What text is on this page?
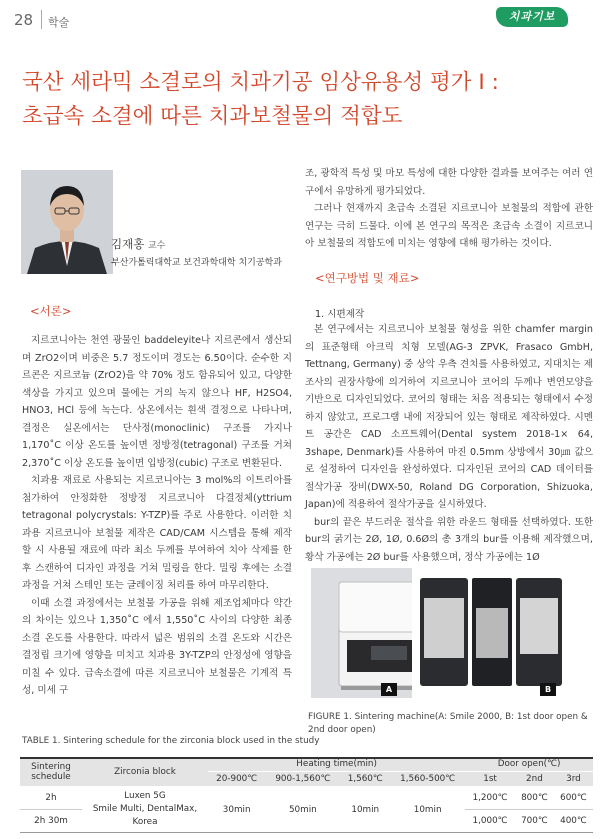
28 학술	치과기보
국산 세라믹 소결로의 치과기공 임상유용성 평가 Ⅰ :
초급속 소결에 따른 치과보철물의 적합도
김재홍 교수
부산가톨릭대학교 보건과학대학 치기공학과
<서론>

지르코니아는 천연 광물인 baddeleyite나 지르콘에서 생산되며 ZrO2이며 비중은 5.7 정도이며 경도는 6.50이다. 순수한 지르콘은 지르코늄 (ZrO2)을 약 70% 정도 함유되어 있고, 다양한 색상을 가지고 있으며 물에는 거의 녹지 않으나 HF, H2SO4, HNO3, HCl 등에 녹는다. 상온에서는 흰색 결정으로 나타나며, 결정은 실온에서는 단사정(monoclinic) 구조를 가지나 1,170˚C 이상 온도를 높이면 정방정(tetragonal) 구조를 거쳐 2,370˚C 이상 온도를 높이면 입방정(cubic) 구조로 변환된다.

치과용 재료로 사용되는 지르코니아는 3 mol%의 이트리아를 첨가하여 안정화한 정방정 지르코니아 다결정체(yttrium tetragonal polycrystals: Y-TZP)를 주로 사용한다. 이러한 치과용 지르코니아 보철물 제작은 CAD/CAM 시스템을 통해 제작할 시 사용될 재료에 따라 최소 두께를 부여하여 치아 삭제를 한 후 스캔하여 디자인 과정을 거쳐 밀링을 한다. 밀링 후에는 소결 과정을 거쳐 스테인 또는 글레이징 처리를 하여 마무리한다.

이때 소결 과정에서는 보철물 가공을 위해 제조업체마다 약간의 차이는 있으나 1,350˚C 에서 1,550˚C 사이의 다양한 최종 소결 온도를 사용한다. 따라서 넓은 범위의 소결 온도와 시간은 결정립 크기에 영향을 미치고 치과용 3Y-TZP의 안정성에 영향을 미칠 수 있다. 급속소결에 따른 지르코니아 보철물은 기계적 특성, 미세 구

조, 광학적 특성 및 마모 특성에 대한 다양한 결과를 보여주는 여러 연구에서 유망하게 평가되었다.

그러나 현재까지 초급속 소결된 지르코니아 보철물의 적합에 관한 연구는 극히 드물다. 이에 본 연구의 목적은 초급속 소결이 지르코니아 보철물의 적합도에 미치는 영향에 대해 평가하는 것이다.

<연구방법 및 재료>
1. 시편제작

본 연구에서는 지르코니아 보철물 형성을 위한 chamfer margin의 표준형태 아크릭 치형 모델(AG-3 ZPVK, Frasaco GmbH, Tettnang, Germany) 중 상악 우측 견치를 사용하였고, 지대치는 제조사의 권장사항에 의거하여 지르코니아 코어의 두께나 변연모양을 기반으로 디자인되었다. 코어의 형태는 처음 적용되는 형태에서 수정하지 않았고, 프로그램 내에 저장되어 있는 형태로 제작하였다. 시멘트 공간은 CAD 소프트웨어(Dental system 2018-1× 64, 3shape, Denmark)를 사용하여 마진 0.5mm 상방에서 30㎛ 값으로 설정하여 디자인을 완성하였다. 디자인된 코어의 CAD 데이터를 절삭가공 장비(DWX-50, Roland DG Corporation, Shizuoka, Japan)에 적용하여 절삭가공을 실시하였다.

bur의 끝은 부드러운 절삭을 위한 라운드 형태를 선택하였다. 또한 bur의 굵기는 2Ø, 1Ø, 0.6Ø의 총 3개의 bur를 이용해 제작했으며, 황삭 가공에는 2Ø bur를 사용했으며, 정삭 가공에는 1Ø

A	B
FIGURE 1. Sintering machine(A: Smile 2000, B: 1st door open & 2nd door open)
TABLE 1. Sintering schedule for the zirconia block used in the study
Sintering schedule	Zirconia block	Heating time(min)				Door open(℃)		
		20-900℃	900-1,560℃	1,560℃	1,560-500℃	1st	2nd	3rd
2h	Luxen 5G
Smile Multi, DentalMax, Korea	30min	50min	10min	10min	1,200℃	800℃	600℃
2h 30m						1,000℃	700℃	400℃
